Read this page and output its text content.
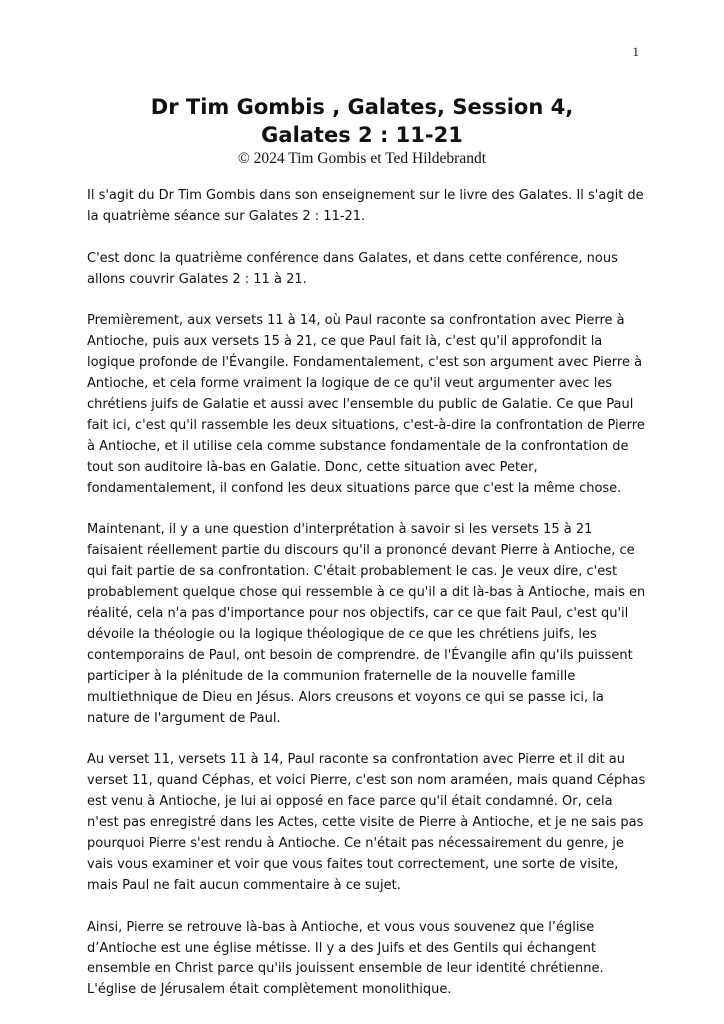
1

Dr Tim Gombis , Galates, Session 4,

Galates 2 : 11-21

© 2024 Tim Gombis et Ted Hildebrandt

Il s'agit du Dr Tim Gombis dans son enseignement sur le livre des Galates. Il s'agit de la quatrième séance sur Galates 2 : 11-21.

C'est donc la quatrième conférence dans Galates, et dans cette conférence, nous allons couvrir Galates 2 : 11 à 21.

Premièrement, aux versets 11 à 14, où Paul raconte sa confrontation avec Pierre à Antioche, puis aux versets 15 à 21, ce que Paul fait là, c'est qu'il approfondit la logique profonde de l'Évangile. Fondamentalement, c'est son argument avec Pierre à Antioche, et cela forme vraiment la logique de ce qu'il veut argumenter avec les chrétiens juifs de Galatie et aussi avec l'ensemble du public de Galatie. Ce que Paul fait ici, c'est qu'il rassemble les deux situations, c'est-à-dire la confrontation de Pierre à Antioche, et il utilise cela comme substance fondamentale de la confrontation de tout son auditoire là-bas en Galatie. Donc, cette situation avec Peter, fondamentalement, il confond les deux situations parce que c'est la même chose.

Maintenant, il y a une question d'interprétation à savoir si les versets 15 à 21 faisaient réellement partie du discours qu'il a prononcé devant Pierre à Antioche, ce qui fait partie de sa confrontation. C'était probablement le cas. Je veux dire, c'est probablement quelque chose qui ressemble à ce qu'il a dit là-bas à Antioche, mais en réalité, cela n'a pas d'importance pour nos objectifs, car ce que fait Paul, c'est qu'il dévoile la théologie ou la logique théologique de ce que les chrétiens juifs, les contemporains de Paul, ont besoin de comprendre. de l'Évangile afin qu'ils puissent participer à la plénitude de la communion fraternelle de la nouvelle famille multiethnique de Dieu en Jésus. Alors creusons et voyons ce qui se passe ici, la nature de l'argument de Paul.

Au verset 11, versets 11 à 14, Paul raconte sa confrontation avec Pierre et il dit au verset 11, quand Céphas, et voici Pierre, c'est son nom araméen, mais quand Céphas est venu à Antioche, je lui ai opposé en face parce qu'il était condamné. Or, cela n'est pas enregistré dans les Actes, cette visite de Pierre à Antioche, et je ne sais pas pourquoi Pierre s'est rendu à Antioche. Ce n'était pas nécessairement du genre, je vais vous examiner et voir que vous faites tout correctement, une sorte de visite, mais Paul ne fait aucun commentaire à ce sujet.

Ainsi, Pierre se retrouve là-bas à Antioche, et vous vous souvenez que l’église d’Antioche est une église métisse. Il y a des Juifs et des Gentils qui échangent ensemble en Christ parce qu'ils jouissent ensemble de leur identité chrétienne. L'église de Jérusalem était complètement monolithique.
